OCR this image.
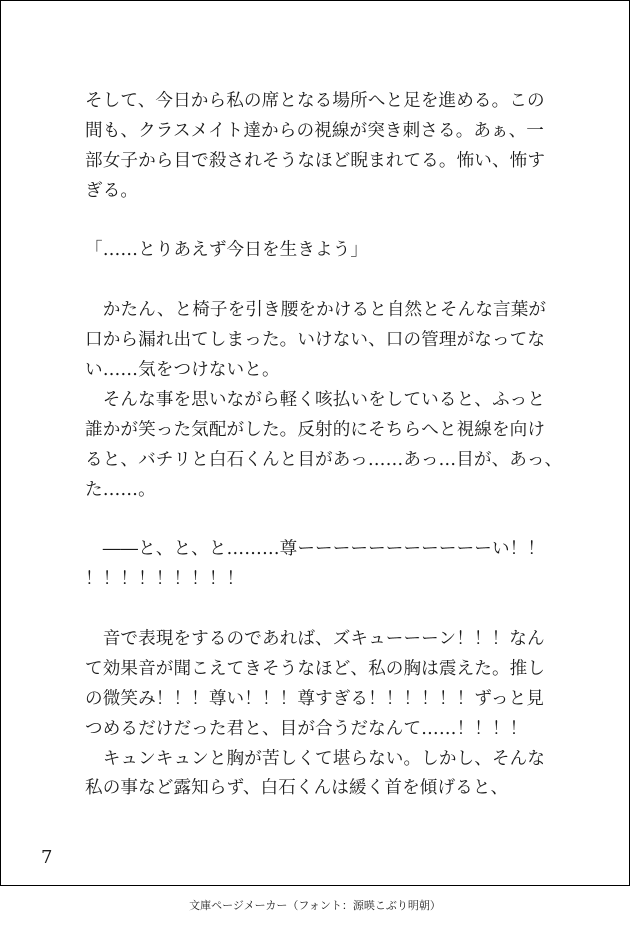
そして、今日から私の席となる場所へと足を進める。この
間も、クラスメイト達からの視線が突き刺さる。あぁ、一
部女子から目で殺されそうなほど睨まれてる。怖い、怖す
ぎる。
「……とりあえず今日を生きよう」
　かたん、と椅子を引き腰をかけると自然とそんな言葉が
口から漏れ出てしまった。いけない、口の管理がなってな
い……気をつけないと。
　そんな事を思いながら軽く咳払いをしていると、ふっと
誰かが笑った気配がした。反射的にそちらへと視線を向け
ると、バチリと白石くんと目があっ……あっ…目が、あっ、
た……。
　――と、と、と………尊ーーーーーーーーーーーい！！
！！！！！！！！！
　音で表現をするのであれば、ズキューーーン！！！なん
て効果音が聞こえてきそうなほど、私の胸は震えた。推し
の微笑み！！！尊い！！！尊すぎる！！！！！！ずっと見
つめるだけだった君と、目が合うだなんて……！！！！
　キュンキュンと胸が苦しくて堪らない。しかし、そんな
私の事など露知らず、白石くんは緩く首を傾げると、
7
文庫ページメーカー（フォント：源暎こぶり明朝）
